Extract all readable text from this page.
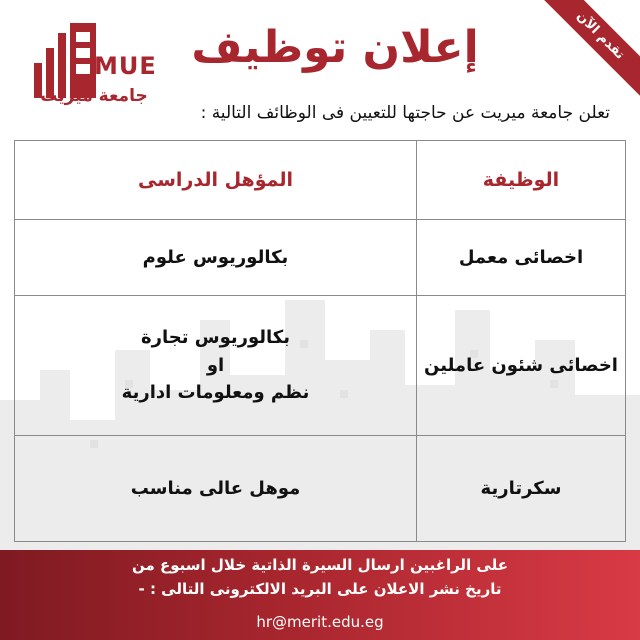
تقدم الآن
MUE
جامعة ميريت
إعلان توظيف
تعلن جامعة ميريت عن حاجتها للتعيين فى الوظائف التالية :
الوظيفة	المؤهل الدراسى

اخصائى معمل	بكالوريوس علوم

اخصائى شئون عاملين	بكالوريوس تجارة
او
نظم ومعلومات ادارية

سكرتارية	موهل عالى مناسب
على الراغبين ارسال السيرة الذاتية خلال اسبوع من
تاريخ نشر الاعلان على البريد الالكترونى التالى : -
hr@merit.edu.eg
